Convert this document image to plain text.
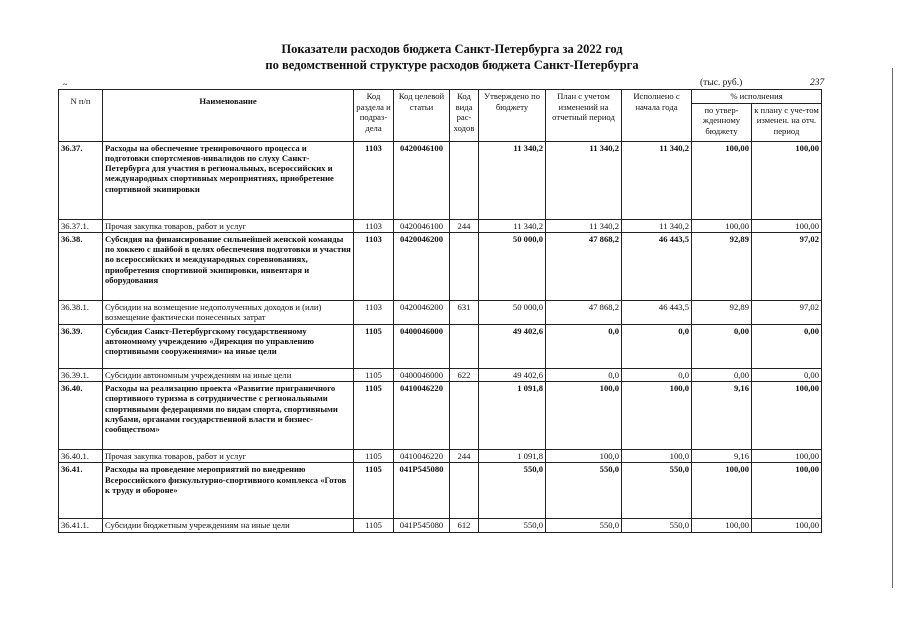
Показатели расходов бюджета Санкт-Петербурга за 2022 год
по ведомственной структуре расходов бюджета Санкт-Петербурга
(тыс. руб.)	237
~
N п/п	Наименование	Код раздела и подраз-дела	Код целевой статьи	Код вида рас-ходов	Утверждено по бюджету	План с учетом изменений на отчетный период	Исполнено с начала года	% исполнения	
								по утвер-жденному бюджету	к плану с уче-том изменен. на отч. период
36.37.	Расходы на обеспечение тренировочного процесса и подготовки спортсменов-инвалидов по слуху Санкт-Петербурга для участия в региональных, всероссийских и международных спортивных мероприятиях, приобретение спортивной экипировки	1103	0420046100		11 340,2	11 340,2	11 340,2	100,00	100,00
36.37.1.	Прочая закупка товаров, работ и услуг	1103	0420046100	244	11 340,2	11 340,2	11 340,2	100,00	100,00
36.38.	Субсидия на финансирование сильнейшей женской команды по хоккею с шайбой в целях обеспечения подготовки и участия во всероссийских и международных соревнованиях, приобретения спортивной экипировки, инвентаря и оборудования	1103	0420046200		50 000,0	47 868,2	46 443,5	92,89	97,02
36.38.1.	Субсидии на возмещение недополученных доходов и (или) возмещение фактически понесенных затрат	1103	0420046200	631	50 000,0	47 868,2	46 443,5	92,89	97,02
36.39.	Субсидия Санкт-Петербургскому государственному автономному учреждению «Дирекция по управлению спортивными сооружениями» на иные цели	1105	0400046000		49 402,6	0,0	0,0	0,00	0,00
36.39.1.	Субсидии автономным учреждениям на иные цели	1105	0400046000	622	49 402,6	0,0	0,0	0,00	0,00
36.40.	Расходы на реализацию проекта «Развитие приграничного спортивного туризма в сотрудничестве с региональными спортивными федерациями по видам спорта, спортивными клубами, органами государственной власти и бизнес-сообществом»	1105	0410046220		1 091,8	100,0	100,0	9,16	100,00
36.40.1.	Прочая закупка товаров, работ и услуг	1105	0410046220	244	1 091,8	100,0	100,0	9,16	100,00
36.41.	Расходы на проведение мероприятий по внедрению Всероссийского физкультурно-спортивного комплекса «Готов к труду и обороне»	1105	041P545080		550,0	550,0	550,0	100,00	100,00
36.41.1.	Субсидии бюджетным учреждениям на иные цели	1105	041P545080	612	550,0	550,0	550,0	100,00	100,00
